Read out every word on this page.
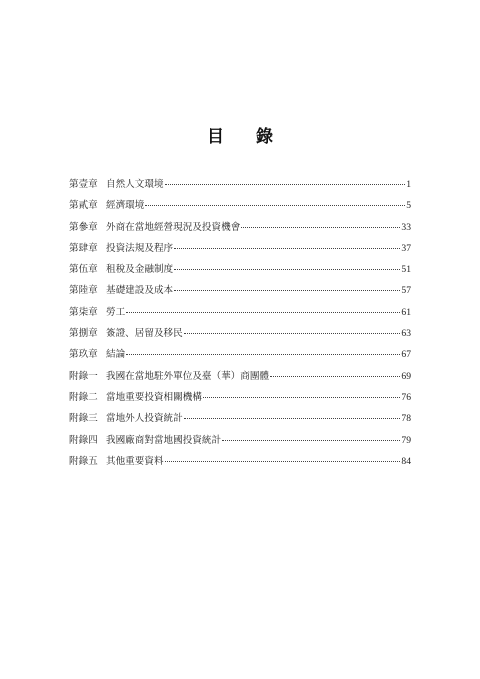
目 錄
第壹章 自然人文環境	1
第貳章 經濟環境	5
第參章 外商在當地經營現況及投資機會	33
第肆章 投資法規及程序	37
第伍章 租稅及金融制度	51
第陸章 基礎建設及成本	57
第柒章 勞工	61
第捌章 簽證、居留及移民	63
第玖章 結論	67
附錄一 我國在當地駐外單位及臺（華）商團體	69
附錄二 當地重要投資相關機構	76
附錄三 當地外人投資統計	78
附錄四 我國廠商對當地國投資統計	79
附錄五 其他重要資料	84
